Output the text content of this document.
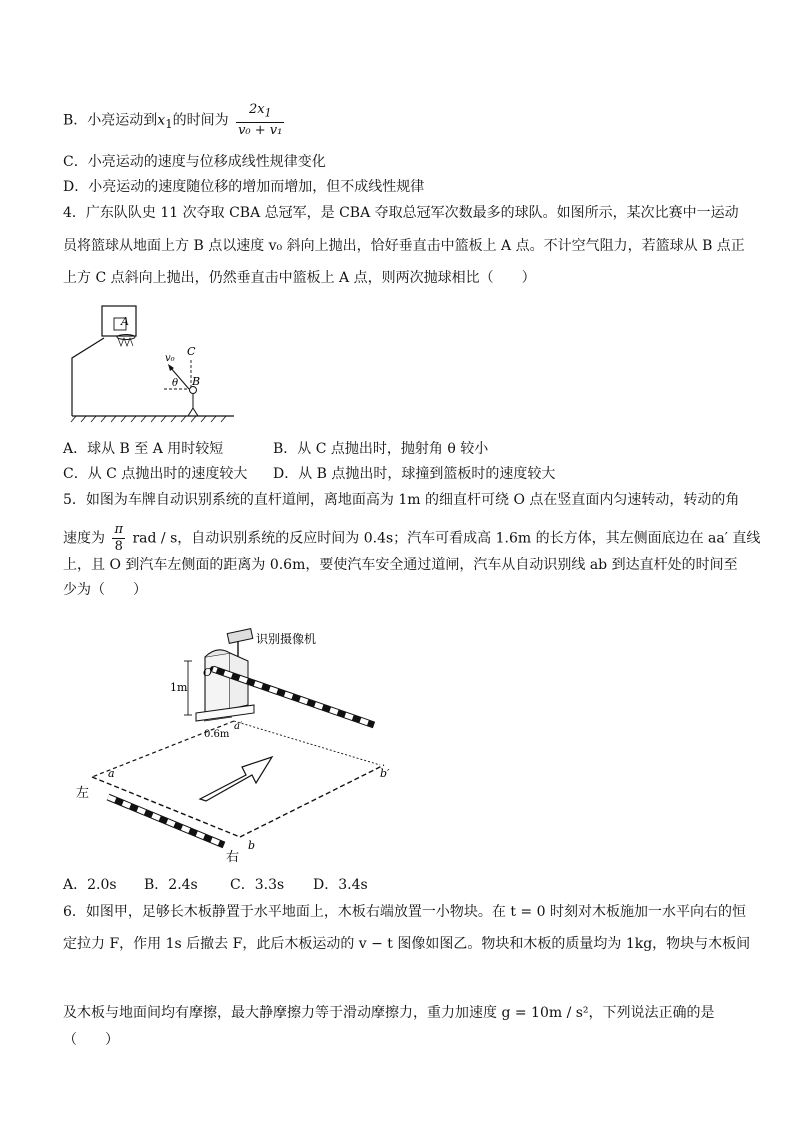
B．小亮运动到$x_1$的时间为 $\frac{2x_1}{\text{v₀ + v₁}}$
C．小亮运动的速度与位移成线性规律变化
D．小亮运动的速度随位移的增加而增加，但不成线性规律
4．广东队队史 11 次夺取 CBA 总冠军，是 CBA 夺取总冠军次数最多的球队。如图所示，某次比赛中一运动
员将篮球从地面上方 B 点以速度 v₀ 斜向上抛出，恰好垂直击中篮板上 A 点。不计空气阻力，若篮球从 B 点正
上方 C 点斜向上抛出，仍然垂直击中篮板上 A 点，则两次抛球相比（　　）
A
C
v₀
θ B
A．球从 B 至 A 用时较短	B．从 C 点抛出时，抛射角 θ 较小
C．从 C 点抛出时的速度较大 D．从 B 点抛出时，球撞到篮板时的速度较大
5．如图为车牌自动识别系统的直杆道闸，离地面高为 1m 的细直杆可绕 O 点在竖直面内匀速转动，转动的角
速度为 $\frac{\pi}{8}$ rad / s，自动识别系统的反应时间为 0.4s；汽车可看成高 1.6m 的长方体，其左侧面底边在 aa′ 直线
上，且 O 到汽车左侧面的距离为 0.6m，要使汽车安全通过道闸，汽车从自动识别线 ab 到达直杆处的时间至
少为（　　）
识别摄像机
O
1m
a′
0.6m
a	b′
b
左
右
A．2.0s B．2.4s C．3.3s D．3.4s
6．如图甲，足够长木板静置于水平地面上，木板右端放置一小物块。在 t = 0 时刻对木板施加一水平向右的恒
定拉力 F，作用 1s 后撤去 F，此后木板运动的 v − t 图像如图乙。物块和木板的质量均为 1kg，物块与木板间
及木板与地面间均有摩擦，最大静摩擦力等于滑动摩擦力，重力加速度 g = 10m / s²，下列说法正确的是
（　　）
